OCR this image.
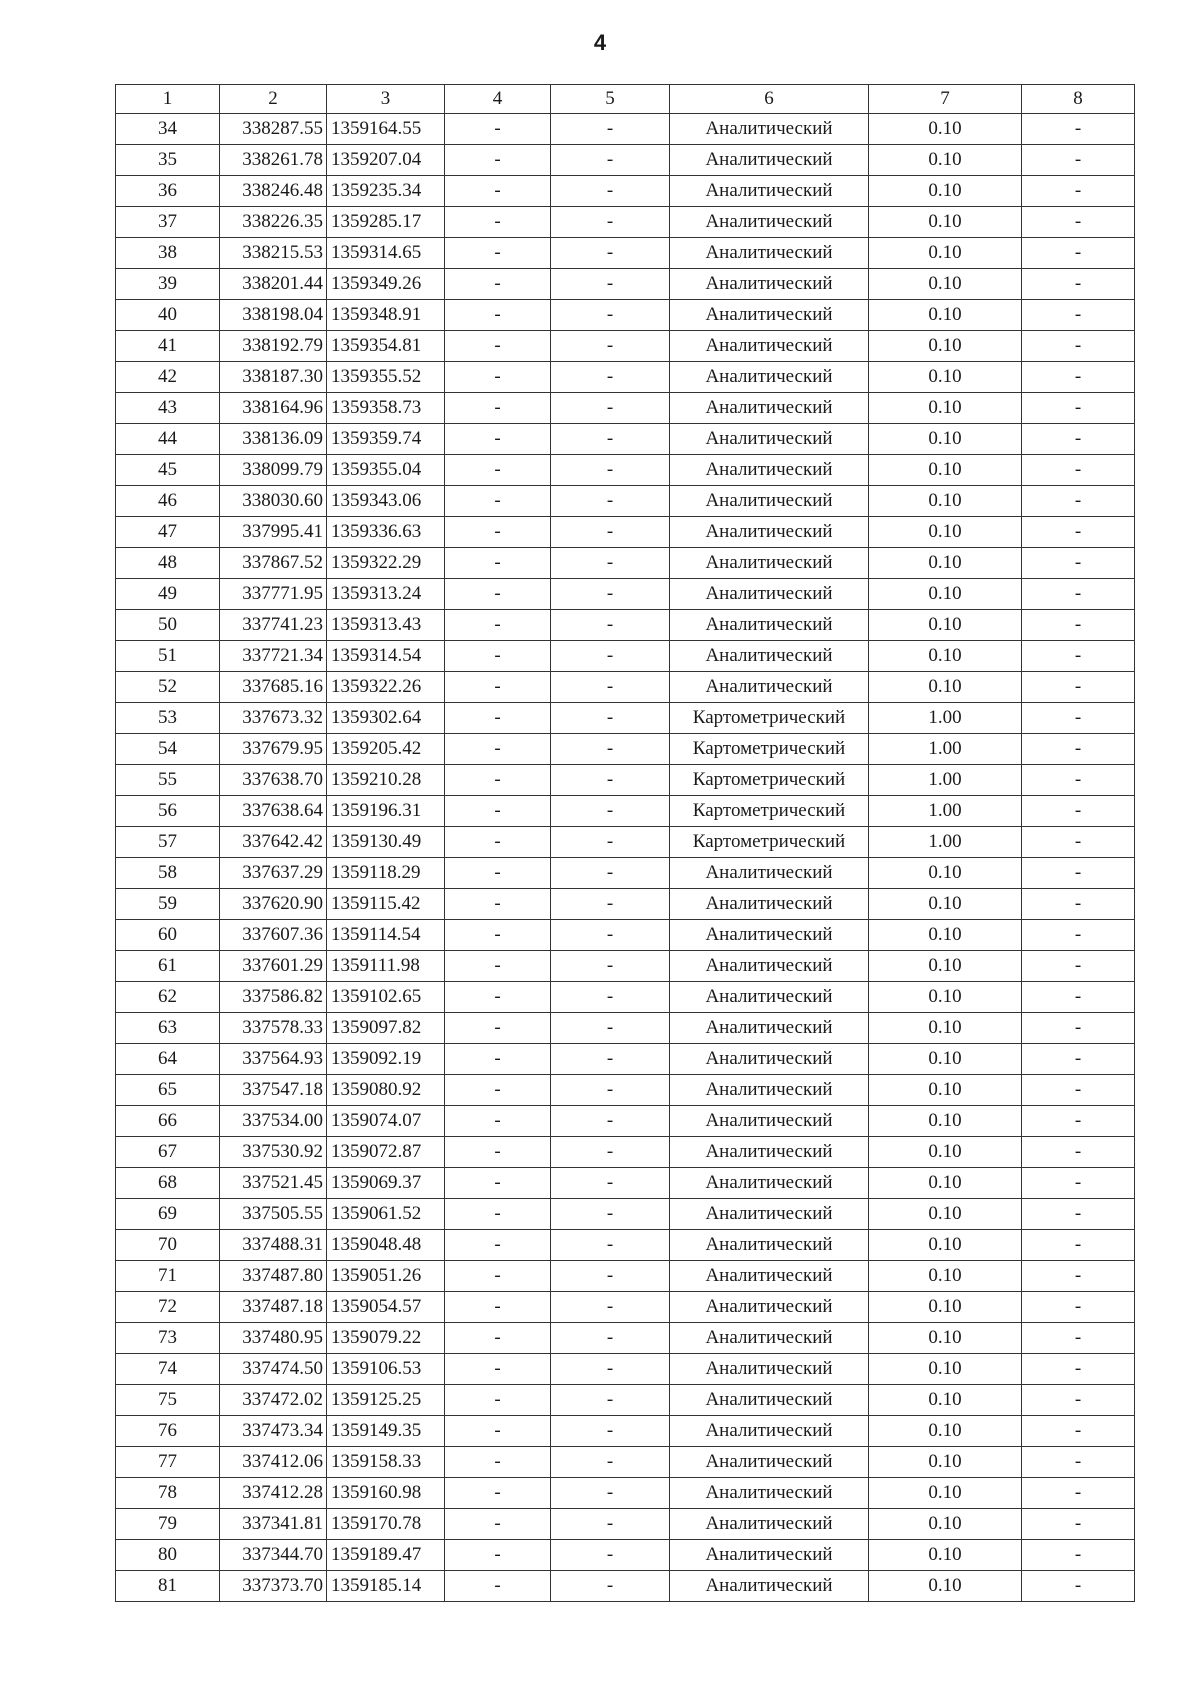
4
1	2	3	4	5	6	7	8
34	338287.55	1359164.55	-	-	Аналитический	0.10	-
35	338261.78	1359207.04	-	-	Аналитический	0.10	-
36	338246.48	1359235.34	-	-	Аналитический	0.10	-
37	338226.35	1359285.17	-	-	Аналитический	0.10	-
38	338215.53	1359314.65	-	-	Аналитический	0.10	-
39	338201.44	1359349.26	-	-	Аналитический	0.10	-
40	338198.04	1359348.91	-	-	Аналитический	0.10	-
41	338192.79	1359354.81	-	-	Аналитический	0.10	-
42	338187.30	1359355.52	-	-	Аналитический	0.10	-
43	338164.96	1359358.73	-	-	Аналитический	0.10	-
44	338136.09	1359359.74	-	-	Аналитический	0.10	-
45	338099.79	1359355.04	-	-	Аналитический	0.10	-
46	338030.60	1359343.06	-	-	Аналитический	0.10	-
47	337995.41	1359336.63	-	-	Аналитический	0.10	-
48	337867.52	1359322.29	-	-	Аналитический	0.10	-
49	337771.95	1359313.24	-	-	Аналитический	0.10	-
50	337741.23	1359313.43	-	-	Аналитический	0.10	-
51	337721.34	1359314.54	-	-	Аналитический	0.10	-
52	337685.16	1359322.26	-	-	Аналитический	0.10	-
53	337673.32	1359302.64	-	-	Картометрический	1.00	-
54	337679.95	1359205.42	-	-	Картометрический	1.00	-
55	337638.70	1359210.28	-	-	Картометрический	1.00	-
56	337638.64	1359196.31	-	-	Картометрический	1.00	-
57	337642.42	1359130.49	-	-	Картометрический	1.00	-
58	337637.29	1359118.29	-	-	Аналитический	0.10	-
59	337620.90	1359115.42	-	-	Аналитический	0.10	-
60	337607.36	1359114.54	-	-	Аналитический	0.10	-
61	337601.29	1359111.98	-	-	Аналитический	0.10	-
62	337586.82	1359102.65	-	-	Аналитический	0.10	-
63	337578.33	1359097.82	-	-	Аналитический	0.10	-
64	337564.93	1359092.19	-	-	Аналитический	0.10	-
65	337547.18	1359080.92	-	-	Аналитический	0.10	-
66	337534.00	1359074.07	-	-	Аналитический	0.10	-
67	337530.92	1359072.87	-	-	Аналитический	0.10	-
68	337521.45	1359069.37	-	-	Аналитический	0.10	-
69	337505.55	1359061.52	-	-	Аналитический	0.10	-
70	337488.31	1359048.48	-	-	Аналитический	0.10	-
71	337487.80	1359051.26	-	-	Аналитический	0.10	-
72	337487.18	1359054.57	-	-	Аналитический	0.10	-
73	337480.95	1359079.22	-	-	Аналитический	0.10	-
74	337474.50	1359106.53	-	-	Аналитический	0.10	-
75	337472.02	1359125.25	-	-	Аналитический	0.10	-
76	337473.34	1359149.35	-	-	Аналитический	0.10	-
77	337412.06	1359158.33	-	-	Аналитический	0.10	-
78	337412.28	1359160.98	-	-	Аналитический	0.10	-
79	337341.81	1359170.78	-	-	Аналитический	0.10	-
80	337344.70	1359189.47	-	-	Аналитический	0.10	-
81	337373.70	1359185.14	-	-	Аналитический	0.10	-
